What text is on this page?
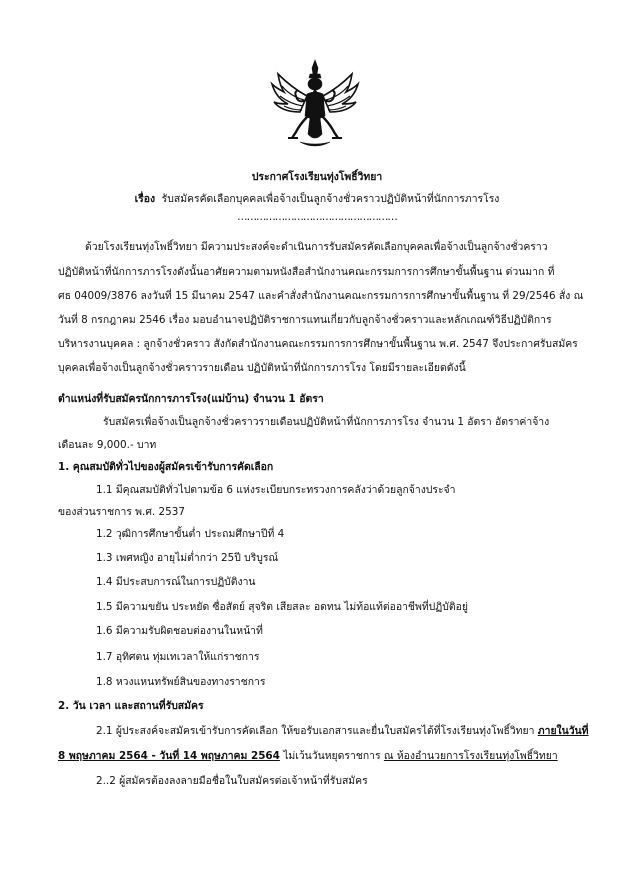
ประกาศโรงเรียนทุ่งโพธิ์วิทยา
เรื่อง รับสมัครคัดเลือกบุคคลเพื่อจ้างเป็นลูกจ้างชั่วคราวปฏิบัติหน้าที่นักการภารโรง
……………………………………………
ด้วยโรงเรียนทุ่งโพธิ์วิทยา มีความประสงค์จะดำเนินการรับสมัครคัดเลือกบุคคลเพื่อจ้างเป็นลูกจ้างชั่วคราว
ปฏิบัติหน้าที่นักการภารโรงดังนั้นอาศัยความตามหนังสือสำนักงานคณะกรรมการการศึกษาขั้นพื้นฐาน ด่วนมาก ที่
ศธ 04009/3876 ลงวันที่ 15 มีนาคม 2547 และคำสั่งสำนักงานคณะกรรมการการศึกษาขั้นพื้นฐาน ที่ 29/2546 สั่ง ณ
วันที่ 8 กรกฎาคม 2546 เรื่อง มอบอำนาจปฏิบัติราชการแทนเกี่ยวกับลูกจ้างชั่วคราวและหลักเกณฑ์วิธีปฏิบัติการ
บริหารงานบุคคล : ลูกจ้างชั่วคราว สังกัดสำนักงานคณะกรรมการการศึกษาขั้นพื้นฐาน พ.ศ. 2547 จึงประกาศรับสมัคร
บุคคลเพื่อจ้างเป็นลูกจ้างชั่วคราวรายเดือน ปฏิบัติหน้าที่นักการภารโรง โดยมีรายละเอียดดังนี้
ตำแหน่งที่รับสมัครนักการภารโรง(แม่บ้าน) จำนวน 1 อัตรา
รับสมัครเพื่อจ้างเป็นลูกจ้างชั่วคราวรายเดือนปฏิบัติหน้าที่นักการภารโรง จำนวน 1 อัตรา อัตราค่าจ้าง
เดือนละ 9,000.- บาท
1. คุณสมบัติทั่วไปของผู้สมัครเข้ารับการคัดเลือก
1.1 มีคุณสมบัติทั่วไปตามข้อ 6 แห่งระเบียบกระทรวงการคลังว่าด้วยลูกจ้างประจำ
ของส่วนราชการ พ.ศ. 2537
1.2 วุฒิการศึกษาขั้นต่ำ ประถมศึกษาปีที่ 4
1.3 เพศหญิง อายุไม่ต่ำกว่า 25ปี บริบูรณ์
1.4 มีประสบการณ์ในการปฏิบัติงาน
1.5 มีความขยัน ประหยัด ซื่อสัตย์ สุจริต เสียสละ อดทน ไม่ท้อแท้ต่ออาชีพที่ปฏิบัติอยู่
1.6 มีความรับผิดชอบต่องานในหน้าที่
1.7 อุทิศตน ทุ่มเทเวลาให้แก่ราชการ
1.8 หวงแหนทรัพย์สินของทางราชการ
2. วัน เวลา และสถานที่รับสมัคร
2.1 ผู้ประสงค์จะสมัครเข้ารับการคัดเลือก ให้ขอรับเอกสารและยื่นใบสมัครได้ที่โรงเรียนทุ่งโพธิ์วิทยา ภายในวันที่
8 พฤษภาคม 2564 - วันที่ 14 พฤษภาคม 2564 ไม่เว้นวันหยุดราชการ ณ ห้องอำนวยการโรงเรียนทุ่งโพธิ์วิทยา
2..2 ผู้สมัครต้องลงลายมือชื่อในใบสมัครต่อเจ้าหน้าที่รับสมัคร
